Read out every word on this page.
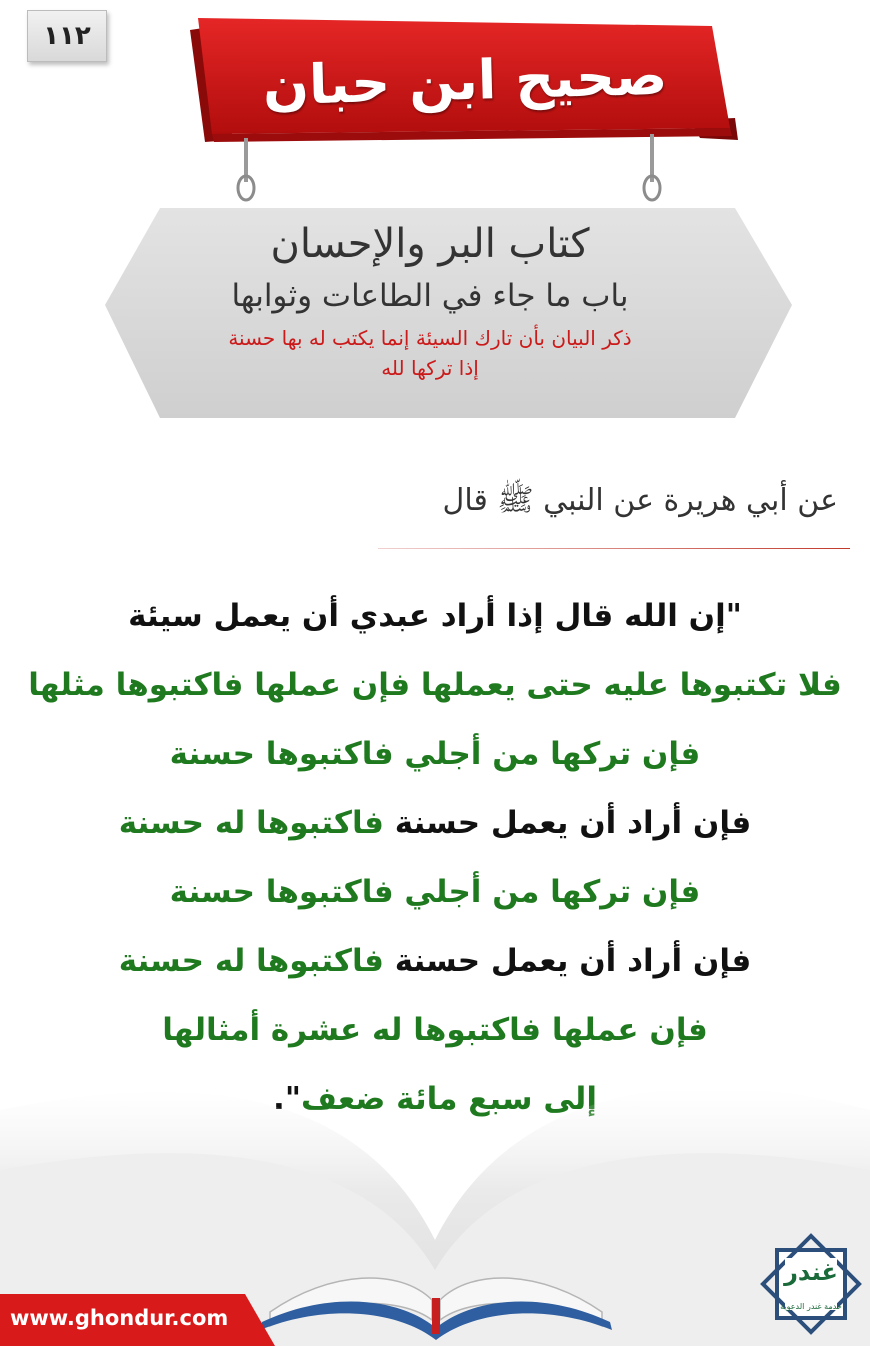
١١٢
صحيح ابن حبان
كتاب البر والإحسان
باب ما جاء في الطاعات وثوابها
ذكر البيان بأن تارك السيئة إنما يكتب له بها حسنة
إذا تركها لله
عن أبي هريرة عن النبي ﷺ قال
"إن الله قال إذا أراد عبدي أن يعمل سيئة
فلا تكتبوها عليه حتى يعملها فإن عملها فاكتبوها مثلها
فإن تركها من أجلي فاكتبوها حسنة
فإن أراد أن يعمل حسنة فاكتبوها له حسنة
فإن تركها من أجلي فاكتبوها حسنة
فإن أراد أن يعمل حسنة فاكتبوها له حسنة
فإن عملها فاكتبوها له عشرة أمثالها
إلى سبع مائة ضعف".
www.ghondur.com
غندر
خدمة غندر الدعوية
